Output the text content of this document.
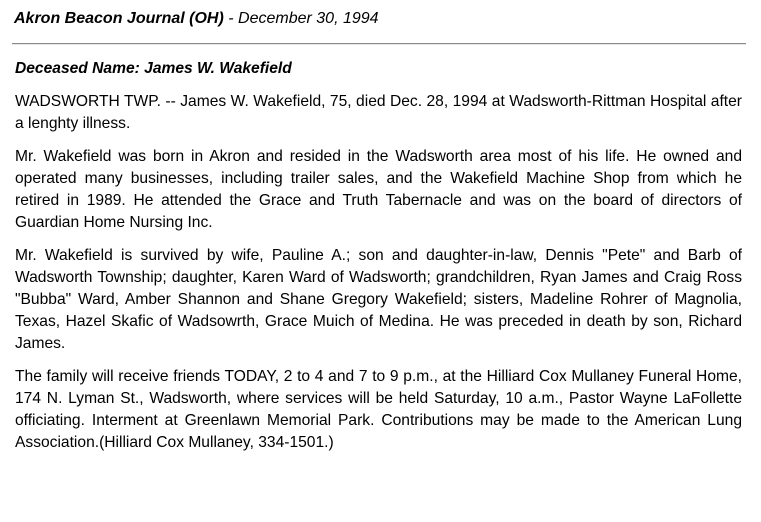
Akron Beacon Journal (OH) - December 30, 1994
Deceased Name: James W. Wakefield

WADSWORTH TWP. -- James W. Wakefield, 75, died Dec. 28, 1994 at Wadsworth-Rittman Hospital after a lenghty illness.

Mr. Wakefield was born in Akron and resided in the Wadsworth area most of his life. He owned and operated many businesses, including trailer sales, and the Wakefield Machine Shop from which he retired in 1989. He attended the Grace and Truth Tabernacle and was on the board of directors of Guardian Home Nursing Inc.

Mr. Wakefield is survived by wife, Pauline A.; son and daughter-in-law, Dennis "Pete" and Barb of Wadsworth Township; daughter, Karen Ward of Wadsworth; grandchildren, Ryan James and Craig Ross "Bubba" Ward, Amber Shannon and Shane Gregory Wakefield; sisters, Madeline Rohrer of Magnolia, Texas, Hazel Skafic of Wadsowrth, Grace Muich of Medina. He was preceded in death by son, Richard James.

The family will receive friends TODAY, 2 to 4 and 7 to 9 p.m., at the Hilliard Cox Mullaney Funeral Home, 174 N. Lyman St., Wadsworth, where services will be held Saturday, 10 a.m., Pastor Wayne LaFollette officiating. Interment at Greenlawn Memorial Park. Contributions may be made to the American Lung Association.(Hilliard Cox Mullaney, 334-1501.)
